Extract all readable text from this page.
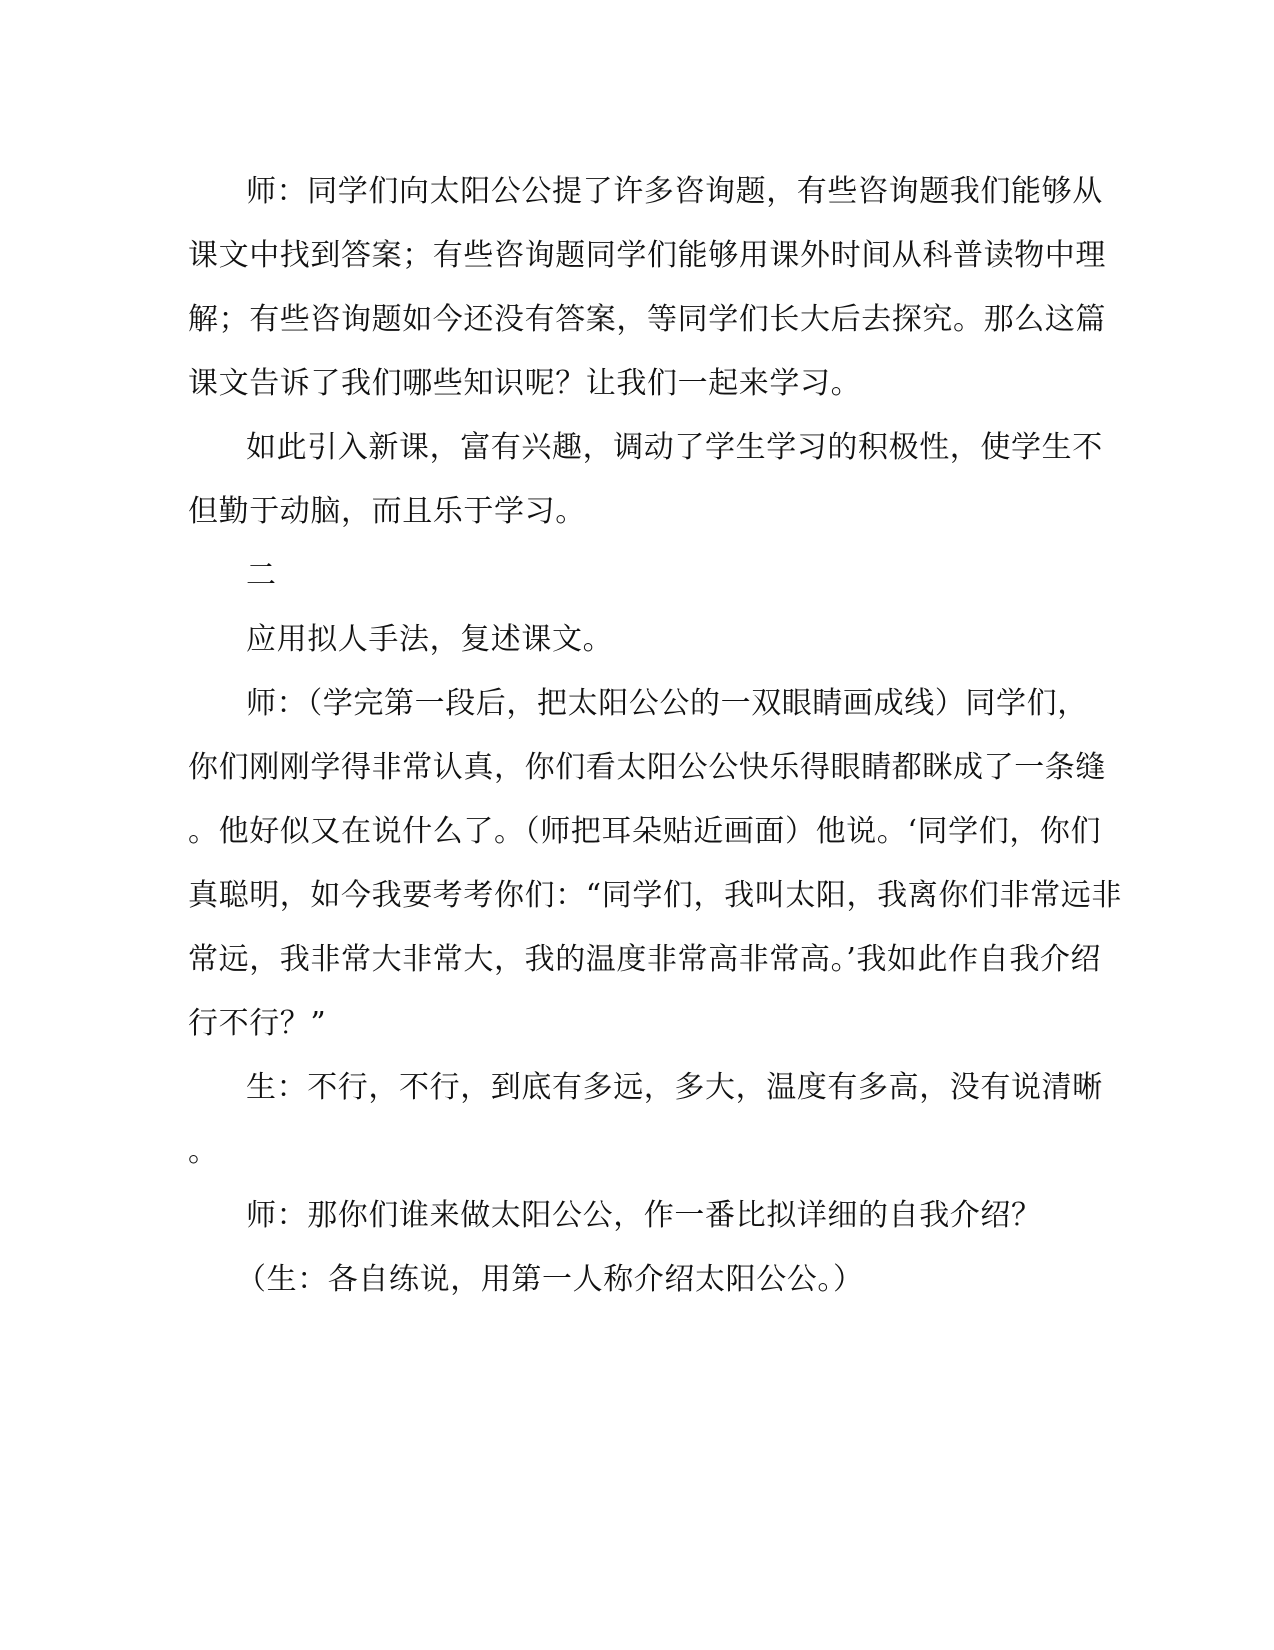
师：同学们向太阳公公提了许多咨询题，有些咨询题我们能够从
课文中找到答案；有些咨询题同学们能够用课外时间从科普读物中理
解；有些咨询题如今还没有答案，等同学们长大后去探究。那么这篇
课文告诉了我们哪些知识呢？让我们一起来学习。
如此引入新课，富有兴趣，调动了学生学习的积极性，使学生不
但勤于动脑，而且乐于学习。
二
应用拟人手法，复述课文。
师：（学完第一段后，把太阳公公的一双眼睛画成线）同学们，
你们刚刚学得非常认真，你们看太阳公公快乐得眼睛都眯成了一条缝
。他好似又在说什么了。（师把耳朵贴近画面）他说。‘同学们，你们
真聪明，如今我要考考你们：“同学们，我叫太阳，我离你们非常远非
常远，我非常大非常大，我的温度非常高非常高。’我如此作自我介绍
行不行？”
生：不行，不行，到底有多远，多大，温度有多高，没有说清晰
。
师：那你们谁来做太阳公公，作一番比拟详细的自我介绍？
（生：各自练说，用第一人称介绍太阳公公。）
